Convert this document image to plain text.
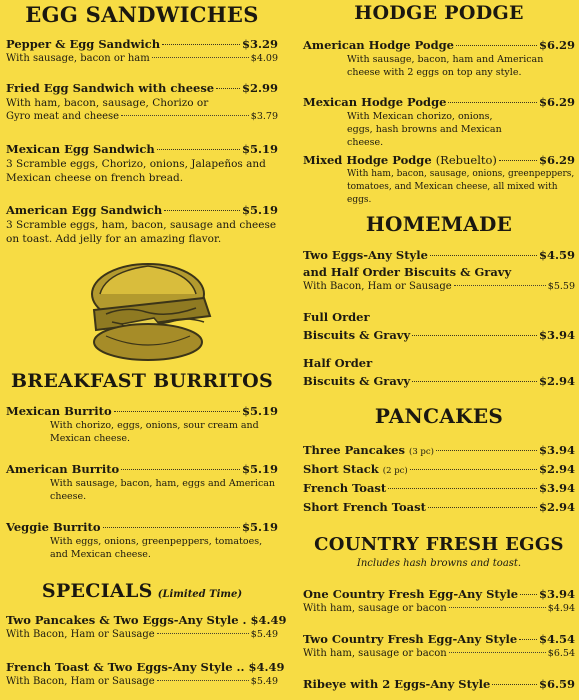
EGG SANDWICHES
Pepper & Egg Sandwich	$3.29
With sausage, bacon or ham	$4.09
Fried Egg Sandwich with cheese $2.99
With ham, bacon, sausage, Chorizo or
Gyro meat and cheese	$3.79
Mexican Egg Sandwich	$5.19
3 Scramble eggs, Chorizo, onions, Jalapeños and Mexican cheese on french bread.
American Egg Sandwich	$5.19
3 Scramble eggs, ham, bacon, sausage and cheese on toast. Add jelly for an amazing flavor.
BREAKFAST BURRITOS
Mexican Burrito	$5.19
With chorizo, eggs, onions, sour cream and Mexican cheese.
American Burrito	$5.19
With sausage, bacon, ham, eggs and American cheese.
Veggie Burrito	$5.19
With eggs, onions, greenpeppers, tomatoes, and Mexican cheese.
SPECIALS (Limited Time)
Two Pancakes & Two Eggs-Any Style . $4.49
With Bacon, Ham or Sausage	$5.49
French Toast & Two Eggs-Any Style .. $4.49
With Bacon, Ham or Sausage	$5.49
HODGE PODGE
American Hodge Podge	$6.29
With sausage, bacon, ham and American cheese with 2 eggs on top any style.
Mexican Hodge Podge	$6.29
With Mexican chorizo, onions, eggs, hash browns and Mexican cheese.
Mixed Hodge Podge (Rebuelto)	$6.29
With ham, bacon, sausage, onions, greenpeppers, tomatoes, and Mexican cheese, all mixed with eggs.
HOMEMADE
Two Eggs-Any Style	$4.59
and Half Order Biscuits & Gravy
With Bacon, Ham or Sausage	$5.59
Full Order
Biscuits & Gravy	$3.94
Half Order
Biscuits & Gravy	$2.94
PANCAKES
Three Pancakes (3 pc)	$3.94
Short Stack (2 pc)	$2.94
French Toast	$3.94
Short French Toast	$2.94
COUNTRY FRESH EGGS
Includes hash browns and toast.
One Country Fresh Egg-Any Style $3.94
With ham, sausage or bacon	$4.94
Two Country Fresh Egg-Any Style $4.54
With ham, sausage or bacon	$6.54
Ribeye with 2 Eggs-Any Style	$6.59
